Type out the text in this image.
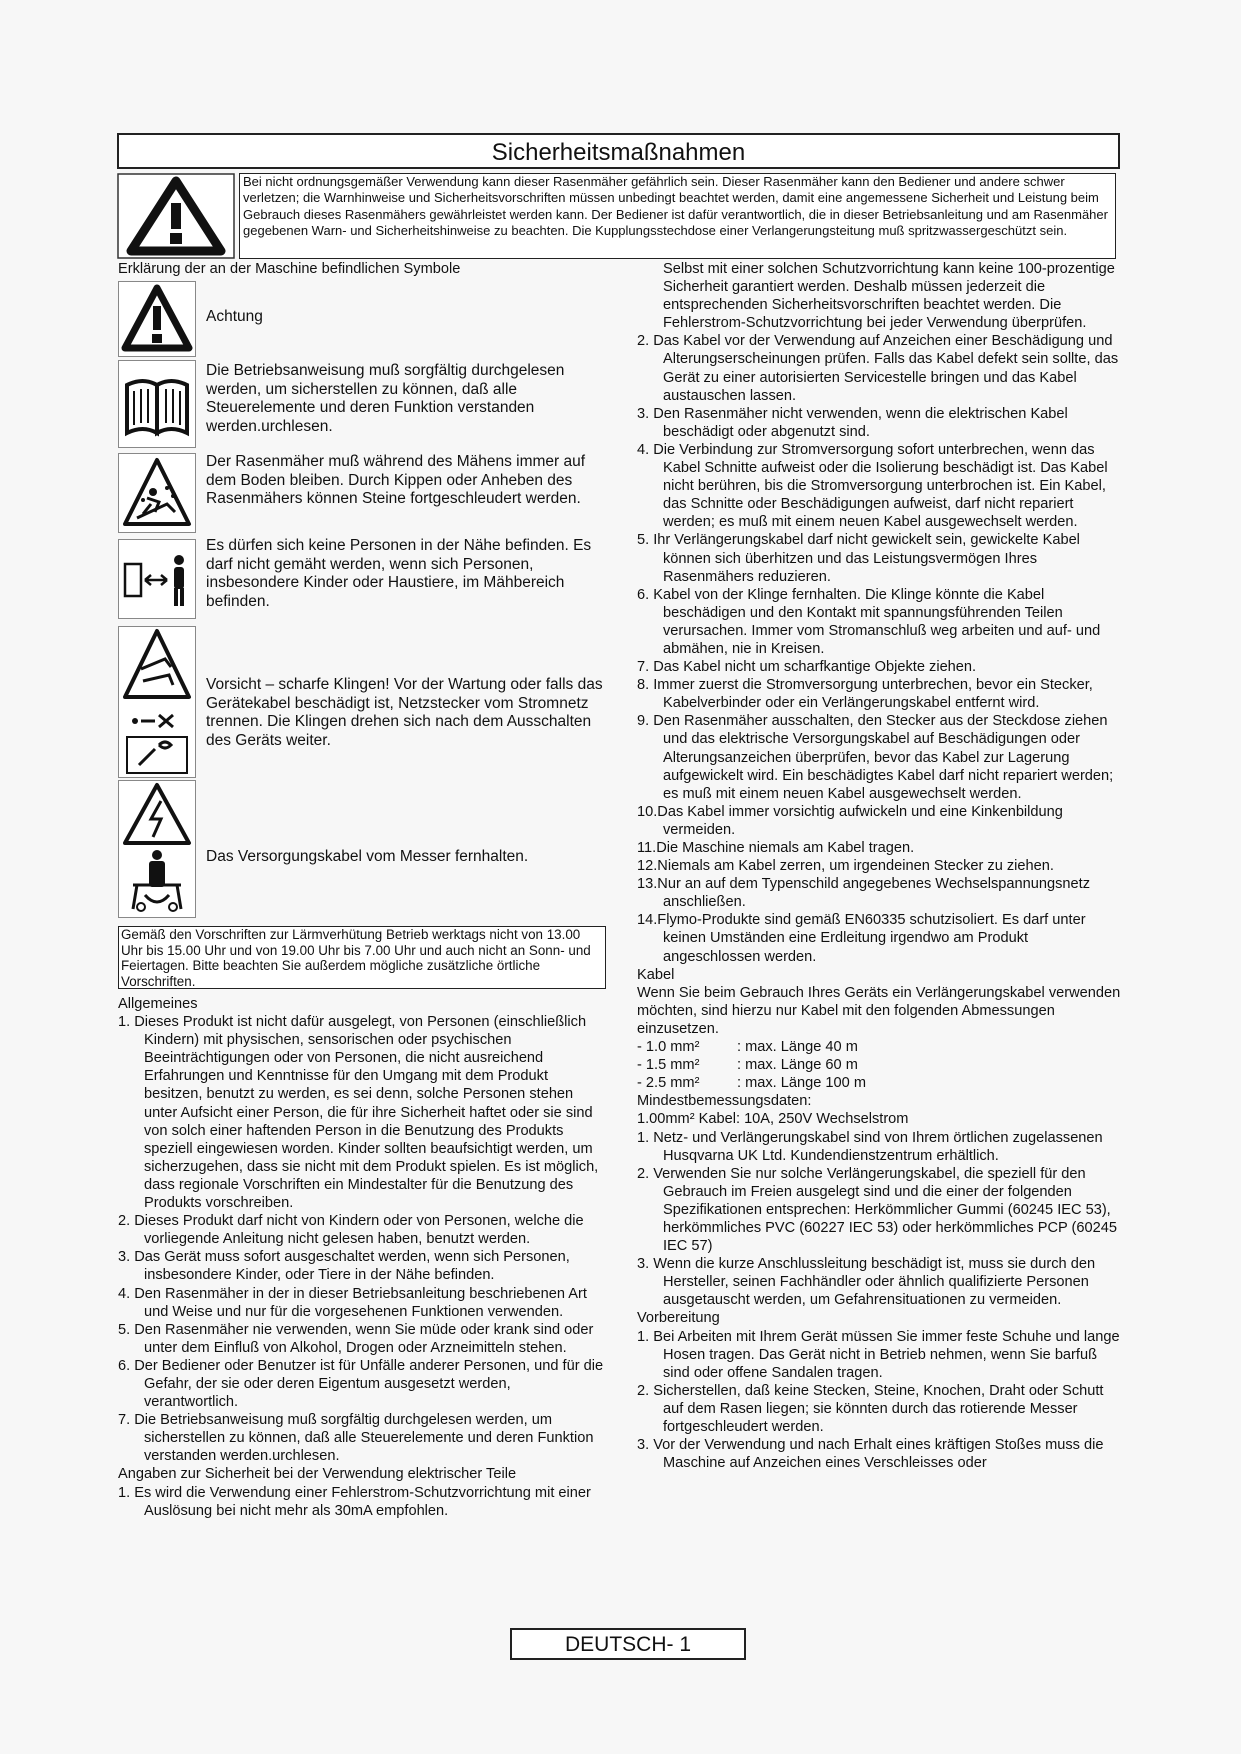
Sicherheitsmaßnahmen
Bei nicht ordnungsgemäßer Verwendung kann dieser Rasenmäher gefährlich sein. Dieser Rasenmäher kann den Bediener und andere schwer verletzen; die Warnhinweise und Sicherheitsvorschriften müssen unbedingt beachtet werden, damit eine angemessene Sicherheit und Leistung beim Gebrauch dieses Rasenmähers gewährleistet werden kann. Der Bediener ist dafür verantwortlich, die in dieser Betriebsanleitung und am Rasenmäher gegebenen Warn- und Sicherheitshinweise zu beachten. Die Kupplungsstechdose einer Verlangerungsteitung muß spritzwassergeschützt sein.
Erklärung der an der Maschine befindlichen Symbole
Achtung
Die Betriebsanweisung muß sorgfältig durchgelesen werden, um sicherstellen zu können, daß alle Steuerelemente und deren Funktion verstanden werden.urchlesen.
Der Rasenmäher muß während des Mähens immer auf dem Boden bleiben. Durch Kippen oder Anheben des Rasenmähers können Steine fortgeschleudert werden.
Es dürfen sich keine Personen in der Nähe befinden. Es darf nicht gemäht werden, wenn sich Personen, insbesondere Kinder oder Haustiere, im Mähbereich befinden.
Vorsicht – scharfe Klingen! Vor der Wartung oder falls das Gerätekabel beschädigt ist, Netzstecker vom Stromnetz trennen. Die Klingen drehen sich nach dem Ausschalten des Geräts weiter.
Das Versorgungskabel vom Messer fernhalten.
Gemäß den Vorschriften zur Lärmverhütung Betrieb werktags nicht von 13.00 Uhr bis 15.00 Uhr und von 19.00 Uhr bis 7.00 Uhr und auch nicht an Sonn- und Feiertagen. Bitte beachten Sie außerdem mögliche zusätzliche örtliche Vorschriften.
Allgemeines
1. Dieses Produkt ist nicht dafür ausgelegt, von Personen (einschließlich Kindern) mit physischen, sensorischen oder psychischen Beeinträchtigungen oder von Personen, die nicht ausreichend Erfahrungen und Kenntnisse für den Umgang mit dem Produkt besitzen, benutzt zu werden, es sei denn, solche Personen stehen unter Aufsicht einer Person, die für ihre Sicherheit haftet oder sie sind von solch einer haftenden Person in die Benutzung des Produkts speziell eingewiesen worden. Kinder sollten beaufsichtigt werden, um sicherzugehen, dass sie nicht mit dem Produkt spielen. Es ist möglich, dass regionale Vorschriften ein Mindestalter für die Benutzung des Produkts vorschreiben.
2. Dieses Produkt darf nicht von Kindern oder von Personen, welche die vorliegende Anleitung nicht gelesen haben, benutzt werden.
3. Das Gerät muss sofort ausgeschaltet werden, wenn sich Personen, insbesondere Kinder, oder Tiere in der Nähe befinden.
4. Den Rasenmäher in der in dieser Betriebsanleitung beschriebenen Art und Weise und nur für die vorgesehenen Funktionen verwenden.
5. Den Rasenmäher nie verwenden, wenn Sie müde oder krank sind oder unter dem Einfluß von Alkohol, Drogen oder Arzneimitteln stehen.
6. Der Bediener oder Benutzer ist für Unfälle anderer Personen, und für die Gefahr, der sie oder deren Eigentum ausgesetzt werden, verantwortlich.
7. Die Betriebsanweisung muß sorgfältig durchgelesen werden, um sicherstellen zu können, daß alle Steuerelemente und deren Funktion verstanden werden.urchlesen.
Angaben zur Sicherheit bei der Verwendung elektrischer Teile
1. Es wird die Verwendung einer Fehlerstrom-Schutzvorrichtung mit einer Auslösung bei nicht mehr als 30mA empfohlen.
Selbst mit einer solchen Schutzvorrichtung kann keine 100-prozentige Sicherheit garantiert werden. Deshalb müssen jederzeit die entsprechenden Sicherheitsvorschriften beachtet werden. Die Fehlerstrom-Schutzvorrichtung bei jeder Verwendung überprüfen.
2. Das Kabel vor der Verwendung auf Anzeichen einer Beschädigung und Alterungserscheinungen prüfen. Falls das Kabel defekt sein sollte, das Gerät zu einer autorisierten Servicestelle bringen und das Kabel austauschen lassen.
3. Den Rasenmäher nicht verwenden, wenn die elektrischen Kabel beschädigt oder abgenutzt sind.
4. Die Verbindung zur Stromversorgung sofort unterbrechen, wenn das Kabel Schnitte aufweist oder die Isolierung beschädigt ist. Das Kabel nicht berühren, bis die Stromversorgung unterbrochen ist. Ein Kabel, das Schnitte oder Beschädigungen aufweist, darf nicht repariert werden; es muß mit einem neuen Kabel ausgewechselt werden.
5. Ihr Verlängerungskabel darf nicht gewickelt sein, gewickelte Kabel können sich überhitzen und das Leistungsvermögen Ihres Rasenmähers reduzieren.
6. Kabel von der Klinge fernhalten. Die Klinge könnte die Kabel beschädigen und den Kontakt mit spannungsführenden Teilen verursachen. Immer vom Stromanschluß weg arbeiten und auf- und abmähen, nie in Kreisen.
7. Das Kabel nicht um scharfkantige Objekte ziehen.
8. Immer zuerst die Stromversorgung unterbrechen, bevor ein Stecker, Kabelverbinder oder ein Verlängerungskabel entfernt wird.
9. Den Rasenmäher ausschalten, den Stecker aus der Steckdose ziehen und das elektrische Versorgungskabel auf Beschädigungen oder Alterungsanzeichen überprüfen, bevor das Kabel zur Lagerung aufgewickelt wird. Ein beschädigtes Kabel darf nicht repariert werden; es muß mit einem neuen Kabel ausgewechselt werden.
10.Das Kabel immer vorsichtig aufwickeln und eine Kinkenbildung vermeiden.
11.Die Maschine niemals am Kabel tragen.
12.Niemals am Kabel zerren, um irgendeinen Stecker zu ziehen.
13.Nur an auf dem Typenschild angegebenes Wechselspannungsnetz anschließen.
14.Flymo-Produkte sind gemäß EN60335 schutzisoliert. Es darf unter keinen Umständen eine Erdleitung irgendwo am Produkt angeschlossen werden.
Kabel
Wenn Sie beim Gebrauch Ihres Geräts ein Verlängerungskabel verwenden möchten, sind hierzu nur Kabel mit den folgenden Abmessungen einzusetzen.
- 1.0 mm²	: max. Länge 40 m
- 1.5 mm²	: max. Länge 60 m
- 2.5 mm²	: max. Länge 100 m
Mindestbemessungsdaten:
1.00mm² Kabel: 10A, 250V Wechselstrom
1. Netz- und Verlängerungskabel sind von Ihrem örtlichen zugelassenen Husqvarna UK Ltd. Kundendienstzentrum erhältlich.
2. Verwenden Sie nur solche Verlängerungskabel, die speziell für den Gebrauch im Freien ausgelegt sind und die einer der folgenden Spezifikationen entsprechen: Herkömmlicher Gummi (60245 IEC 53), herkömmliches PVC (60227 IEC 53) oder herkömmliches PCP (60245 IEC 57)
3. Wenn die kurze Anschlussleitung beschädigt ist, muss sie durch den Hersteller, seinen Fachhändler oder ähnlich qualifizierte Personen ausgetauscht werden, um Gefahrensituationen zu vermeiden.
Vorbereitung
1. Bei Arbeiten mit Ihrem Gerät müssen Sie immer feste Schuhe und lange Hosen tragen. Das Gerät nicht in Betrieb nehmen, wenn Sie barfuß sind oder offene Sandalen tragen.
2. Sicherstellen, daß keine Stecken, Steine, Knochen, Draht oder Schutt auf dem Rasen liegen; sie könnten durch das rotierende Messer fortgeschleudert werden.
3. Vor der Verwendung und nach Erhalt eines kräftigen Stoßes muss die Maschine auf Anzeichen eines Verschleisses oder
DEUTSCH- 1
